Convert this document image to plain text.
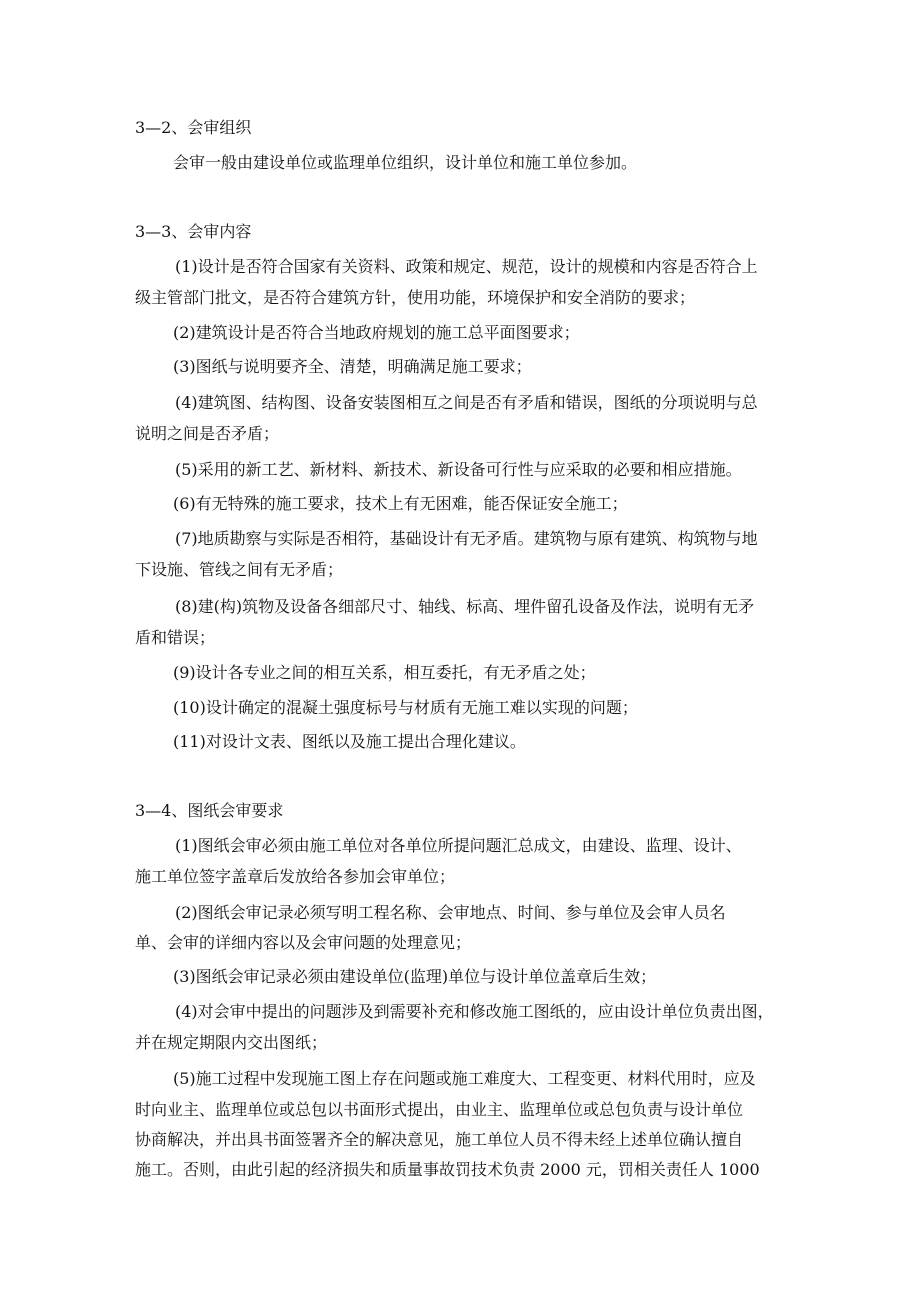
3—2、会审组织
会审一般由建设单位或监理单位组织，设计单位和施工单位参加。
3—3、会审内容
(1)设计是否符合国家有关资料、政策和规定、规范，设计的规模和内容是否符合上
级主管部门批文，是否符合建筑方针，使用功能，环境保护和安全消防的要求；
(2)建筑设计是否符合当地政府规划的施工总平面图要求；
(3)图纸与说明要齐全、清楚，明确满足施工要求；
(4)建筑图、结构图、设备安装图相互之间是否有矛盾和错误，图纸的分项说明与总
说明之间是否矛盾；
(5)采用的新工艺、新材料、新技术、新设备可行性与应采取的必要和相应措施。
(6)有无特殊的施工要求，技术上有无困难，能否保证安全施工；
(7)地质勘察与实际是否相符，基础设计有无矛盾。建筑物与原有建筑、构筑物与地
下设施、管线之间有无矛盾；
(8)建(构)筑物及设备各细部尺寸、轴线、标高、埋件留孔设备及作法，说明有无矛
盾和错误；
(9)设计各专业之间的相互关系，相互委托，有无矛盾之处；
(10)设计确定的混凝土强度标号与材质有无施工难以实现的问题；
(11)对设计文表、图纸以及施工提出合理化建议。
3—4、图纸会审要求
(1)图纸会审必须由施工单位对各单位所提问题汇总成文，由建设、监理、设计、
施工单位签字盖章后发放给各参加会审单位；
(2)图纸会审记录必须写明工程名称、会审地点、时间、参与单位及会审人员名
单、会审的详细内容以及会审问题的处理意见；
(3)图纸会审记录必须由建设单位(监理)单位与设计单位盖章后生效；
(4)对会审中提出的问题涉及到需要补充和修改施工图纸的，应由设计单位负责出图，
并在规定期限内交出图纸；
(5)施工过程中发现施工图上存在问题或施工难度大、工程变更、材料代用时，应及
时向业主、监理单位或总包以书面形式提出，由业主、监理单位或总包负责与设计单位
协商解决，并出具书面签署齐全的解决意见，施工单位人员不得未经上述单位确认擅自
施工。否则，由此引起的经济损失和质量事故罚技术负责 2000 元，罚相关责任人 1000
